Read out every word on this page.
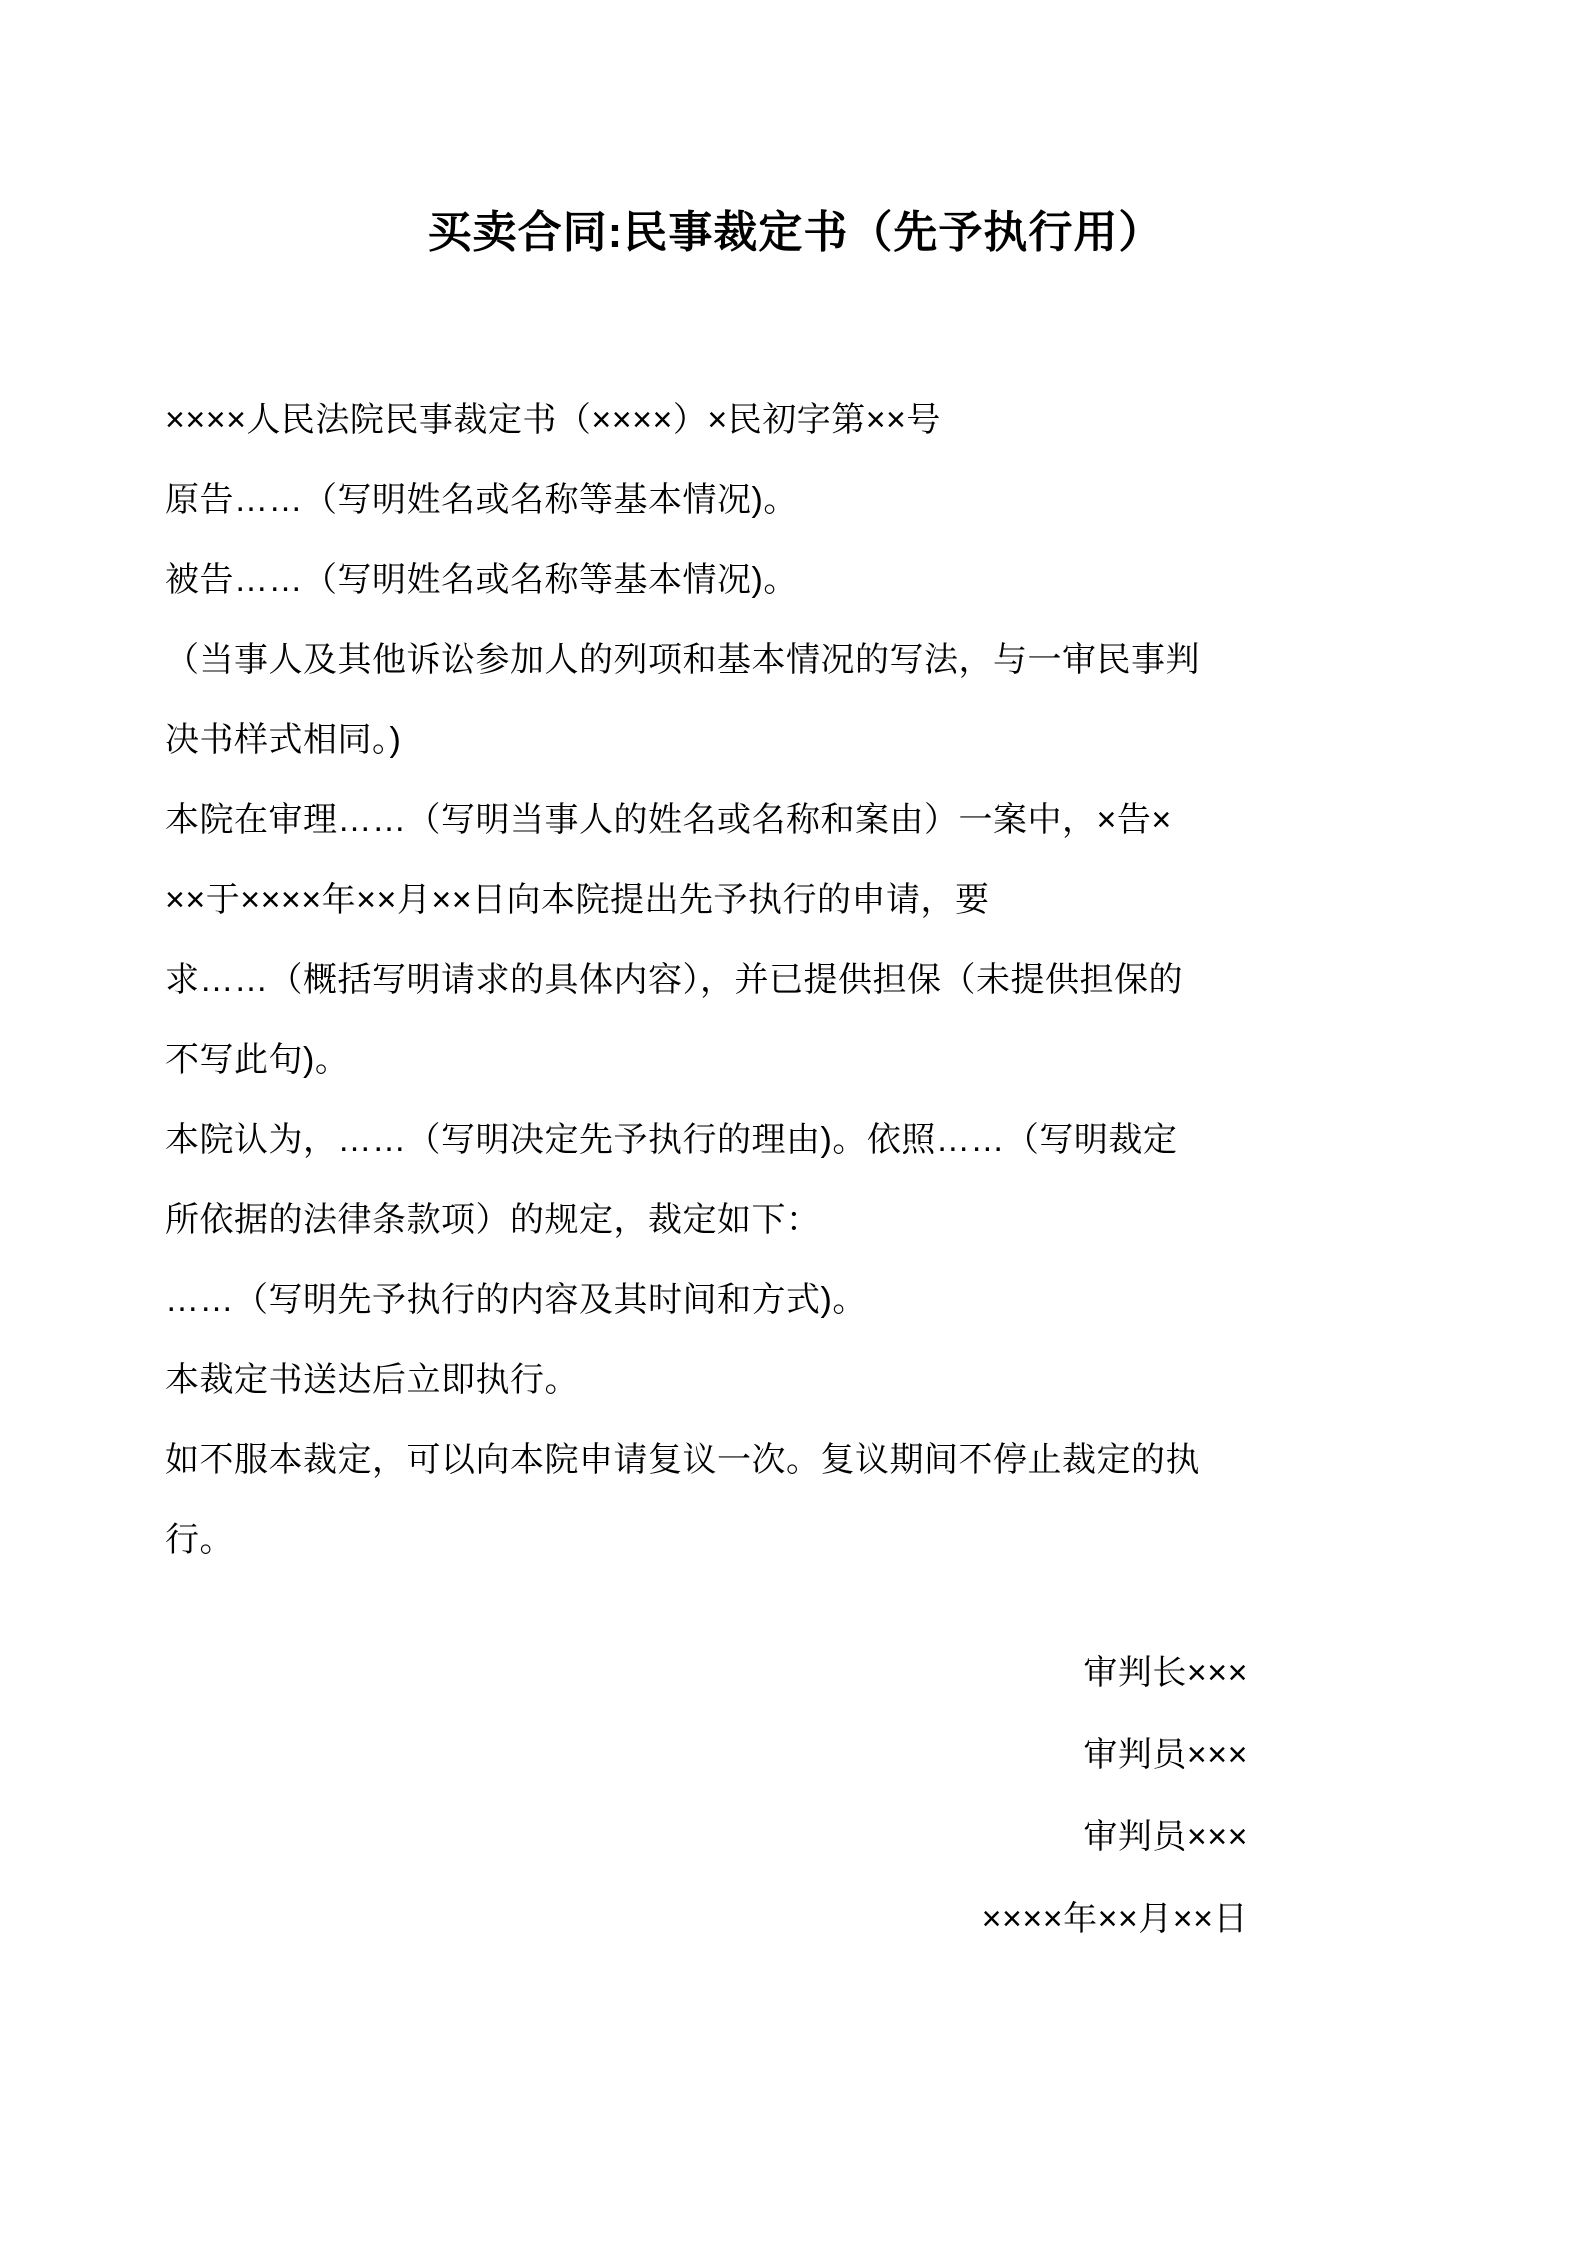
买卖合同:民事裁定书（先予执行用）
××××人民法院民事裁定书（××××）×民初字第××号
原告……（写明姓名或名称等基本情况)。
被告……（写明姓名或名称等基本情况)。
（当事人及其他诉讼参加人的列项和基本情况的写法，与一审民事判
决书样式相同。)
本院在审理……（写明当事人的姓名或名称和案由）一案中，×告×
××于××××年××月××日向本院提出先予执行的申请，要
求……（概括写明请求的具体内容），并已提供担保（未提供担保的
不写此句)。
本院认为，……（写明决定先予执行的理由)。依照……（写明裁定
所依据的法律条款项）的规定，裁定如下：
……（写明先予执行的内容及其时间和方式)。
本裁定书送达后立即执行。
如不服本裁定，可以向本院申请复议一次。复议期间不停止裁定的执
行。
审判长×××
审判员×××
审判员×××
××××年××月××日
